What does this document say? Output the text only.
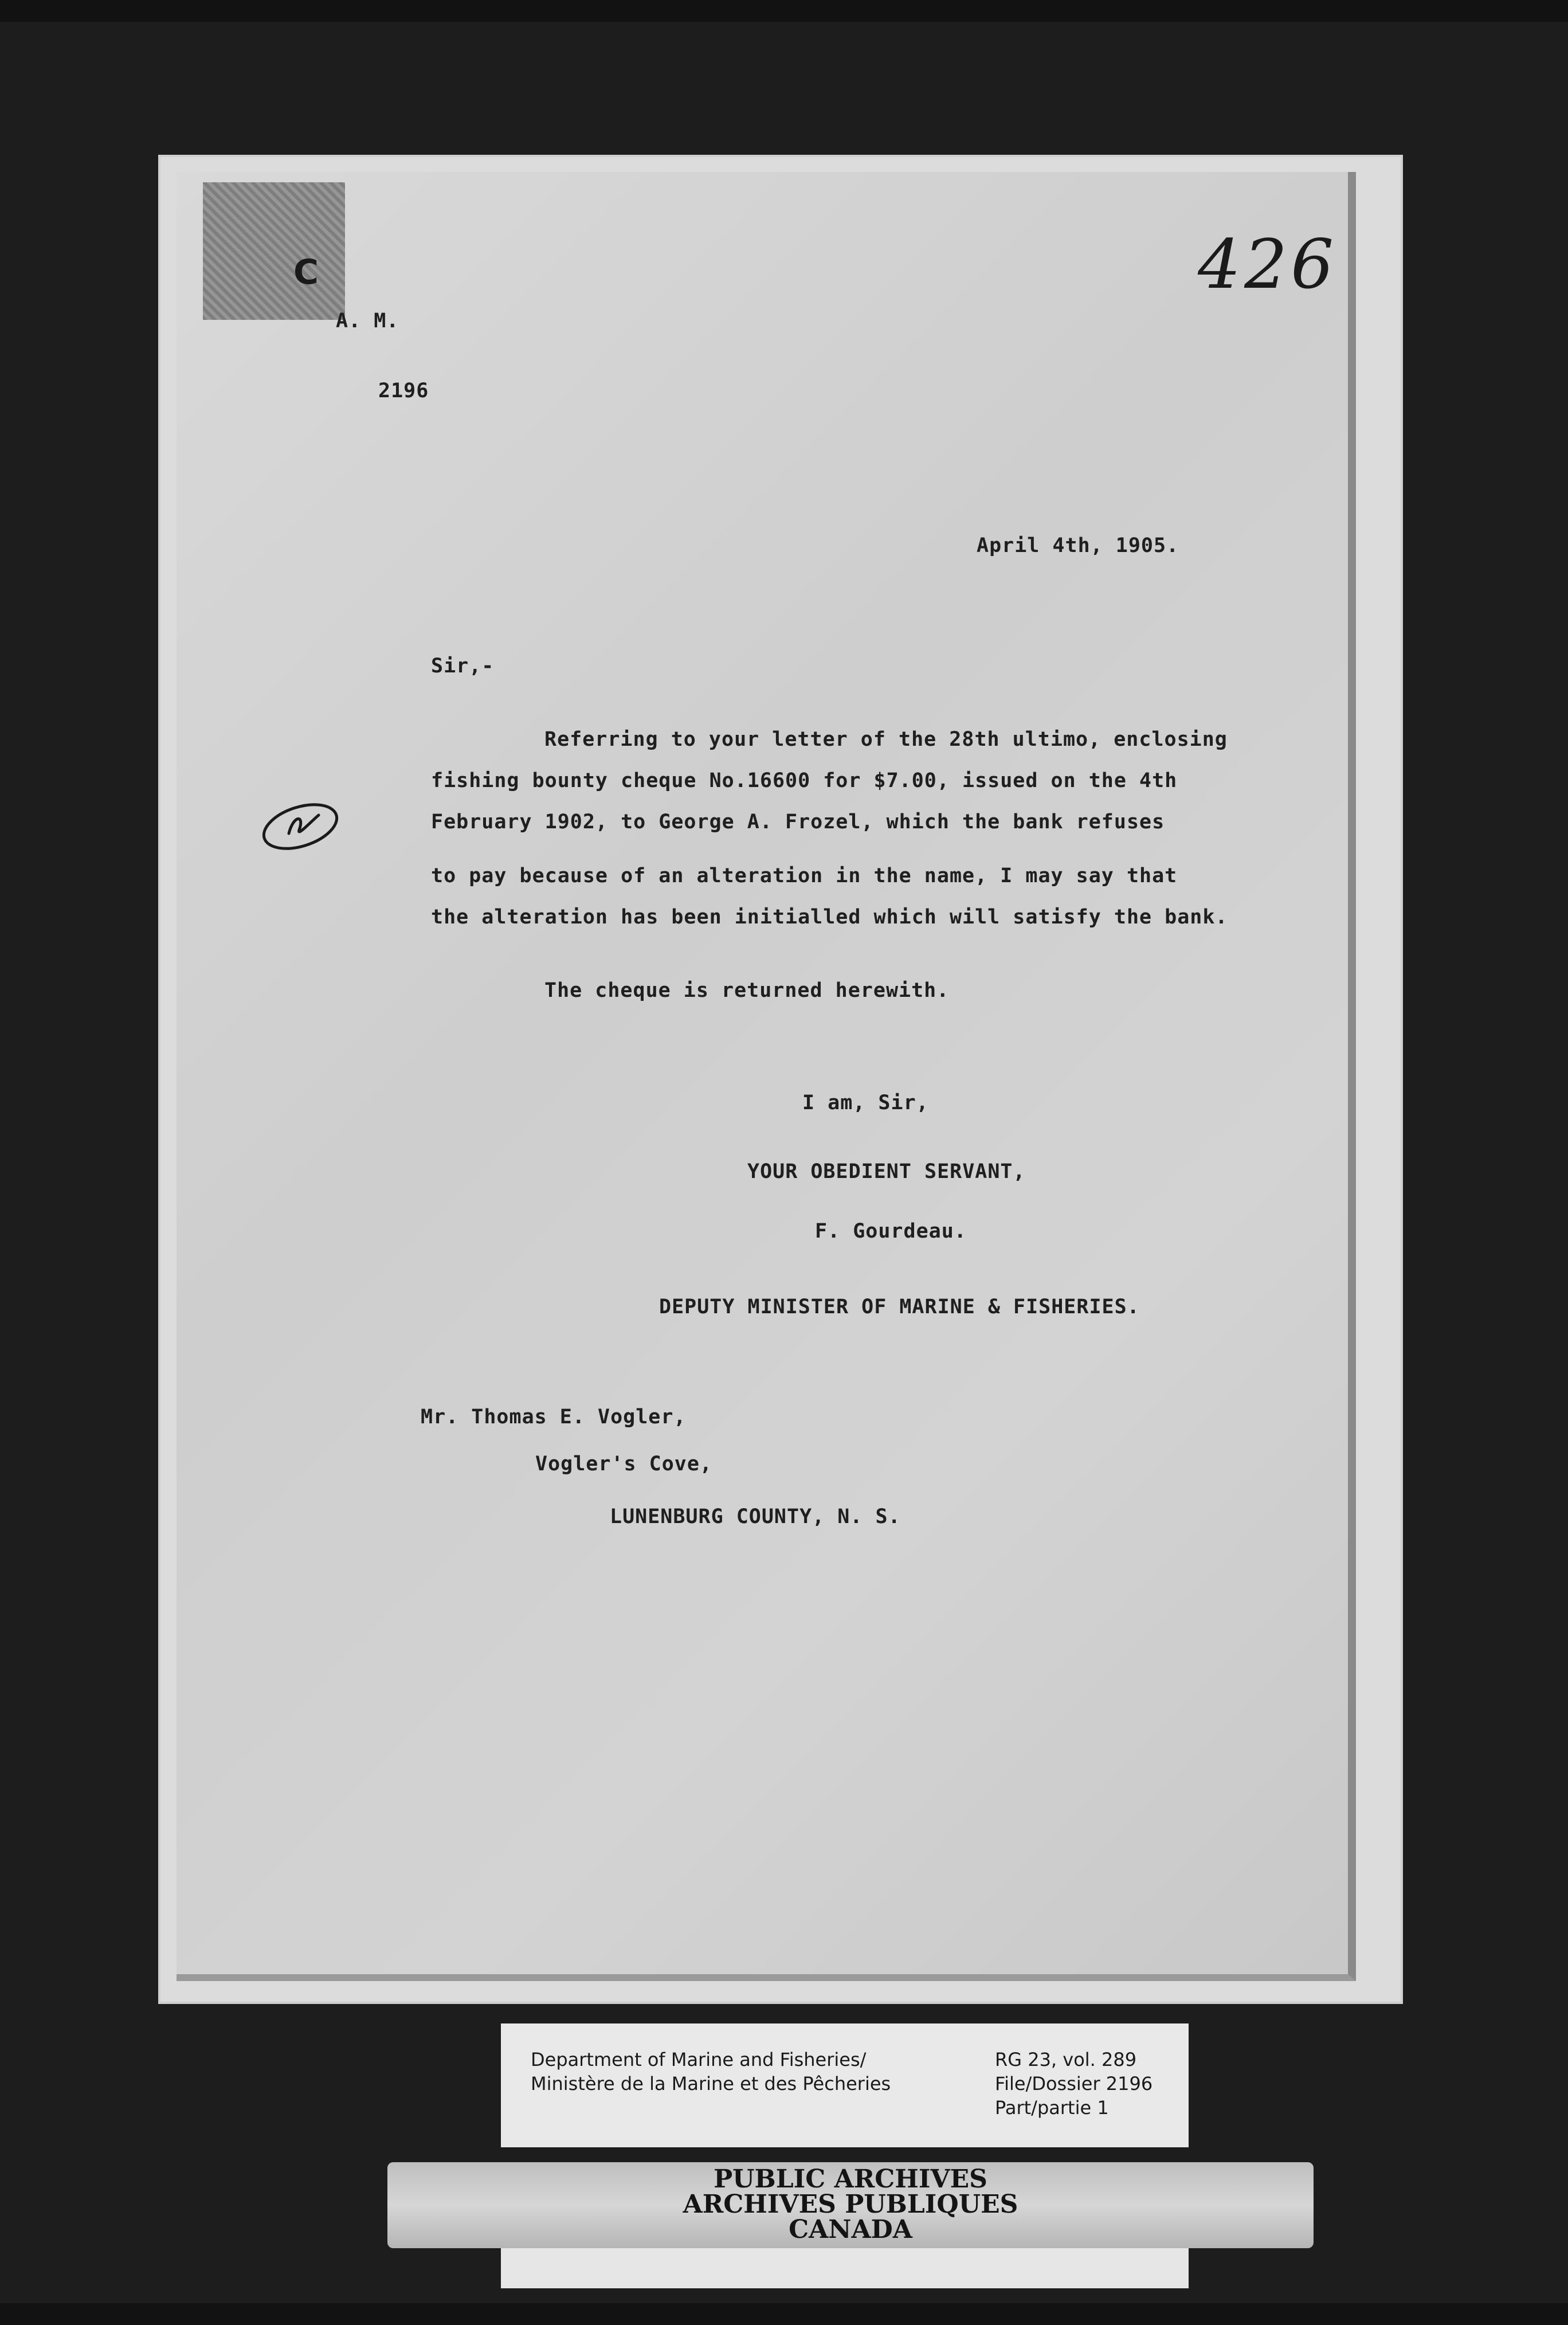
C	426
A. M.
2196
April 4th, 1905.
Sir,-
Referring to your letter of the 28th ultimo, enclosing
fishing bounty cheque No.16600 for $7.00, issued on the 4th
February 1902, to George A. Frozel, which the bank refuses
to pay because of an alteration in the name, I may say that
the alteration has been initialled which will satisfy the bank.
The cheque is returned herewith.
I am, Sir,
YOUR OBEDIENT SERVANT,
F. Gourdeau.
DEPUTY MINISTER OF MARINE & FISHERIES.
Mr. Thomas E. Vogler,
Vogler's Cove,
LUNENBURG COUNTY, N. S.
Department of Marine and Fisheries/
Ministère de la Marine et des Pêcheries
RG 23, vol. 289
File/Dossier 2196
Part/partie 1
PUBLIC ARCHIVES
ARCHIVES PUBLIQUES
CANADA
